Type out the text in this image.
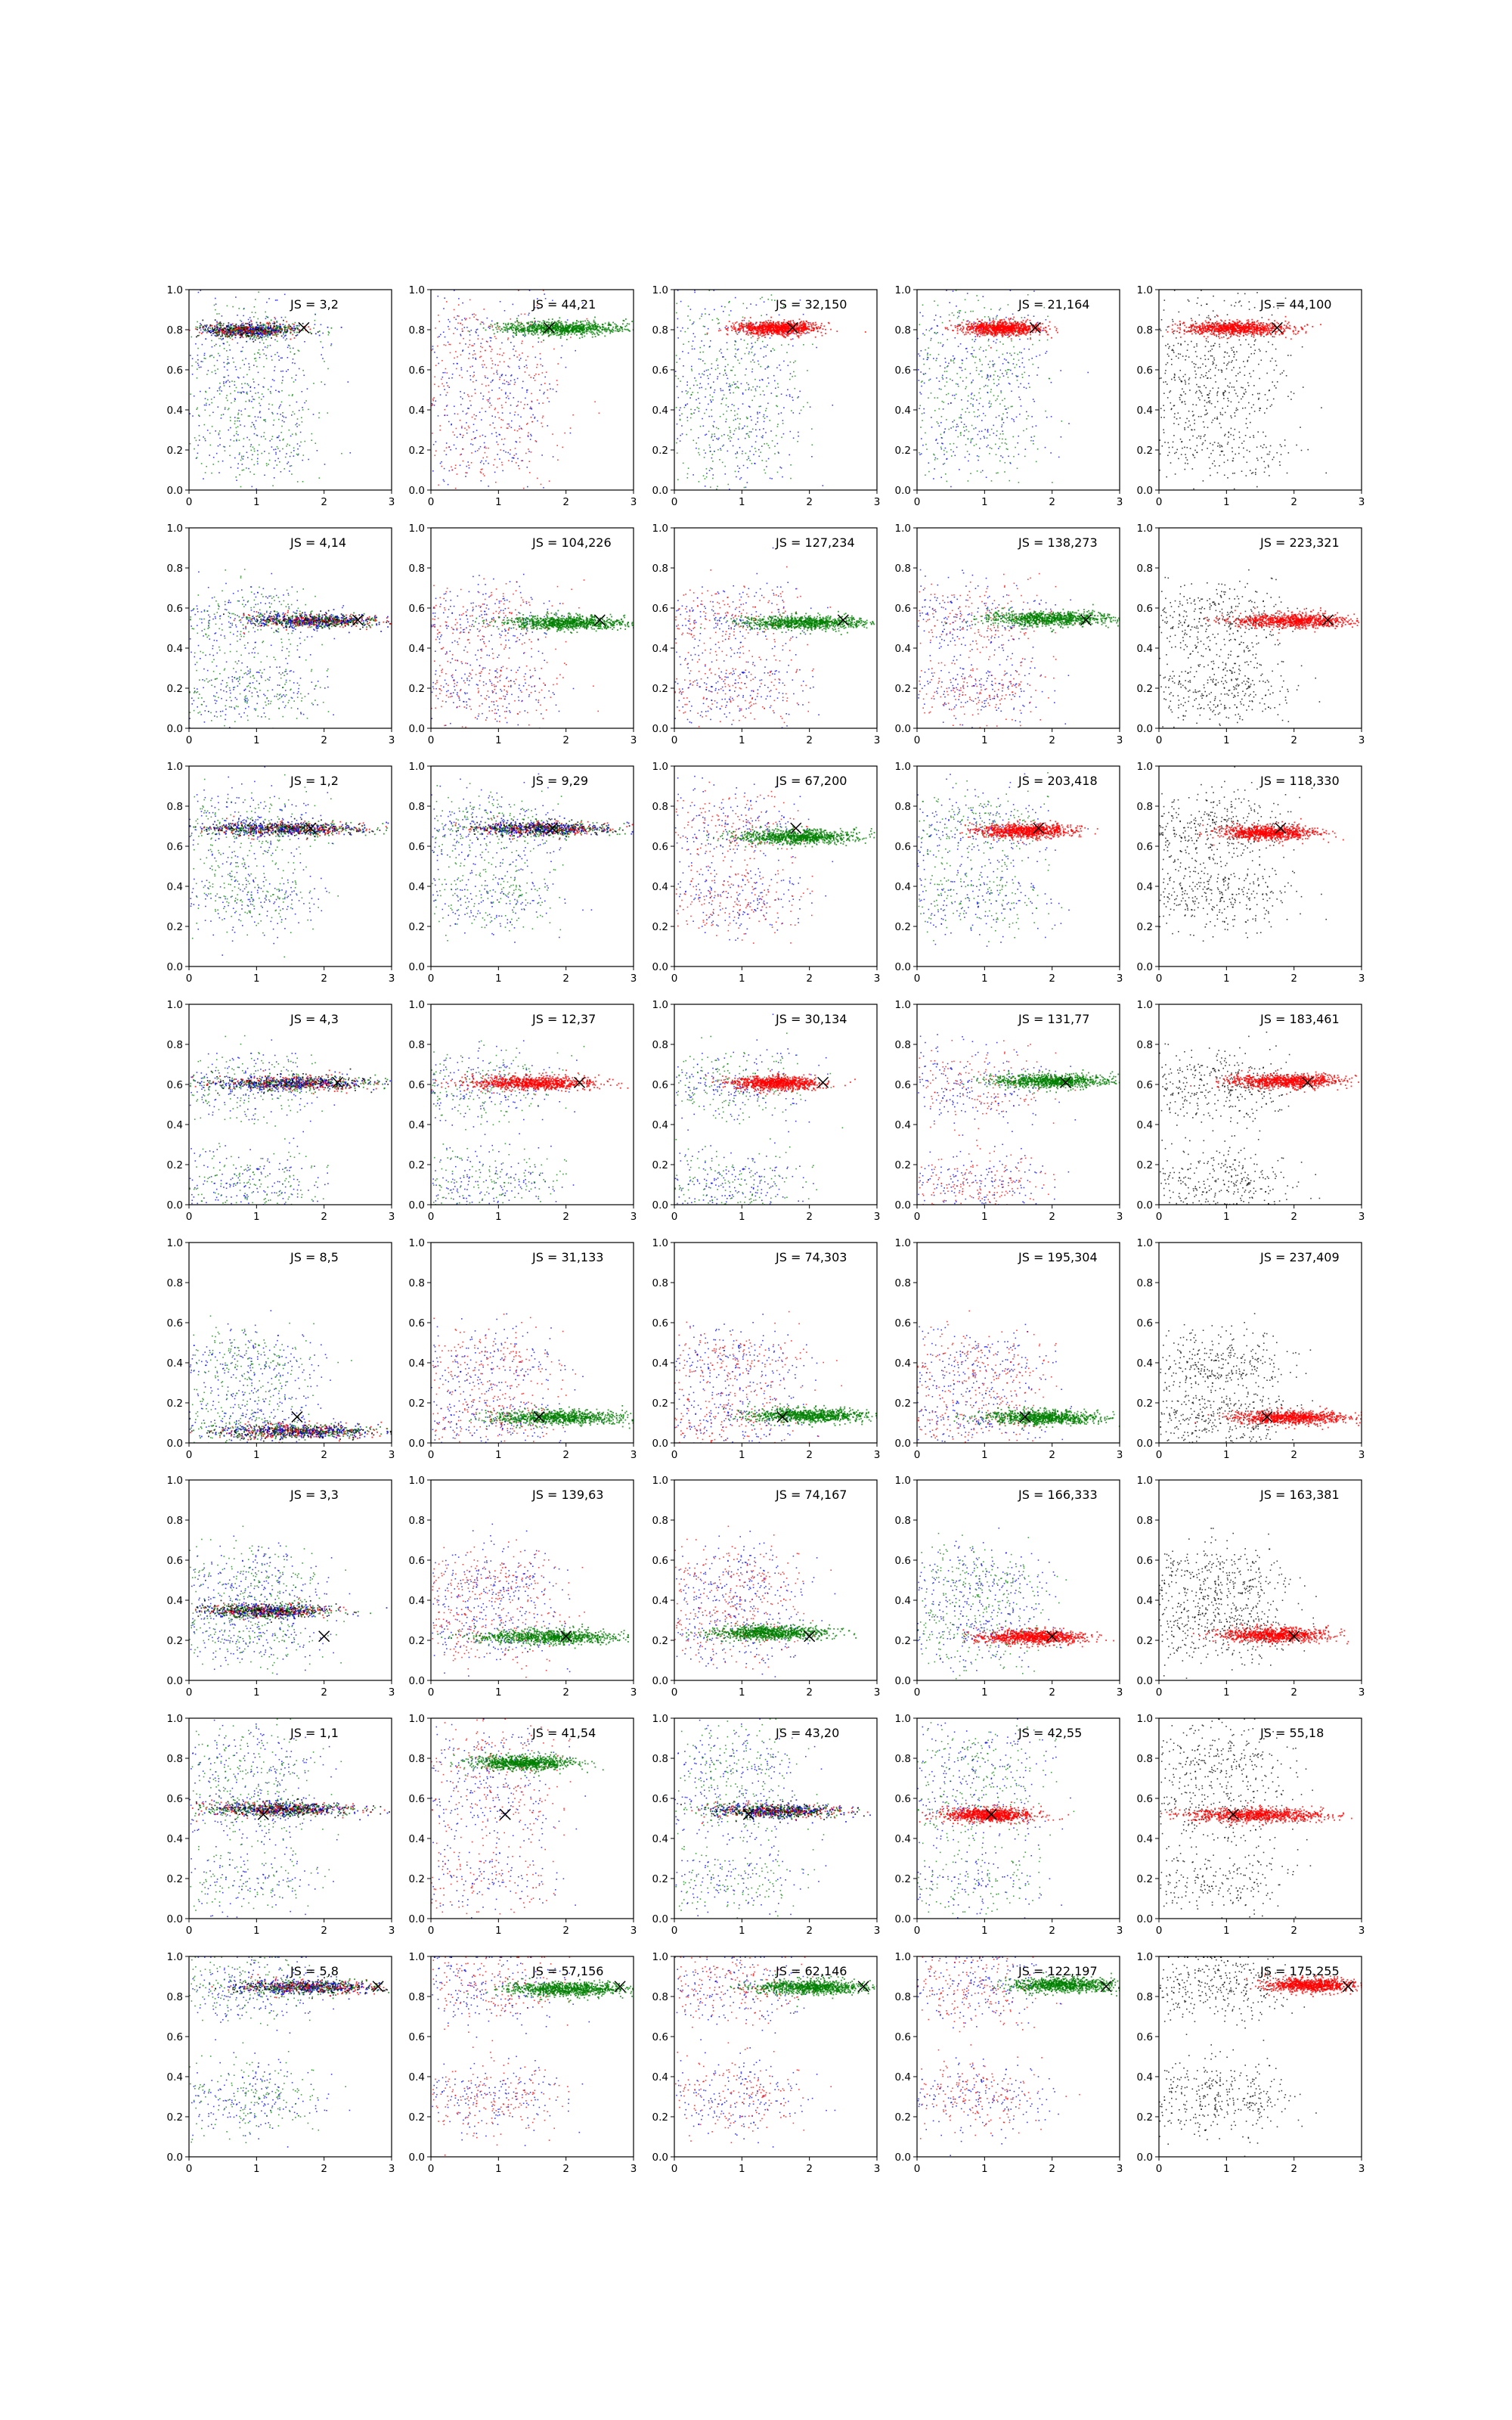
0	1	2	3
0.0
0.2
0.4
0.6
0.8
1.0
JS = 3,2
0	1	2	3
0.0
0.2
0.4
0.6
0.8
1.0
JS = 44,21
0	1	2	3
0.0
0.2
0.4
0.6
0.8
1.0
JS = 32,150
0	1	2	3
0.0
0.2
0.4
0.6
0.8
1.0
JS = 21,164
0	1	2	3
0.0
0.2
0.4
0.6
0.8
1.0
JS = 44,100
0	1	2	3
0.0
0.2
0.4
0.6
0.8
1.0
JS = 4,14
0	1	2	3
0.0
0.2
0.4
0.6
0.8
1.0
JS = 104,226
0	1	2	3
0.0
0.2
0.4
0.6
0.8
1.0
JS = 127,234
0	1	2	3
0.0
0.2
0.4
0.6
0.8
1.0
JS = 138,273
0	1	2	3
0.0
0.2
0.4
0.6
0.8
1.0
JS = 223,321
0	1	2	3
0.0
0.2
0.4
0.6
0.8
1.0
JS = 1,2
0	1	2	3
0.0
0.2
0.4
0.6
0.8
1.0
JS = 9,29
0	1	2	3
0.0
0.2
0.4
0.6
0.8
1.0
JS = 67,200
0	1	2	3
0.0
0.2
0.4
0.6
0.8
1.0
JS = 203,418
0	1	2	3
0.0
0.2
0.4
0.6
0.8
1.0
JS = 118,330
0	1	2	3
0.0
0.2
0.4
0.6
0.8
1.0
JS = 4,3
0	1	2	3
0.0
0.2
0.4
0.6
0.8
1.0
JS = 12,37
0	1	2	3
0.0
0.2
0.4
0.6
0.8
1.0
JS = 30,134
0	1	2	3
0.0
0.2
0.4
0.6
0.8
1.0
JS = 131,77
0	1	2	3
0.0
0.2
0.4
0.6
0.8
1.0
JS = 183,461
0	1	2	3
0.0
0.2
0.4
0.6
0.8
1.0
JS = 8,5
0	1	2	3
0.0
0.2
0.4
0.6
0.8
1.0
JS = 31,133
0	1	2	3
0.0
0.2
0.4
0.6
0.8
1.0
JS = 74,303
0	1	2	3
0.0
0.2
0.4
0.6
0.8
1.0
JS = 195,304
0	1	2	3
0.0
0.2
0.4
0.6
0.8
1.0
JS = 237,409
0	1	2	3
0.0
0.2
0.4
0.6
0.8
1.0
JS = 3,3
0	1	2	3
0.0
0.2
0.4
0.6
0.8
1.0
JS = 139,63
0	1	2	3
0.0
0.2
0.4
0.6
0.8
1.0
JS = 74,167
0	1	2	3
0.0
0.2
0.4
0.6
0.8
1.0
JS = 166,333
0	1	2	3
0.0
0.2
0.4
0.6
0.8
1.0
JS = 163,381
0	1	2	3
0.0
0.2
0.4
0.6
0.8
1.0
JS = 1,1
0	1	2	3
0.0
0.2
0.4
0.6
0.8
1.0
JS = 41,54
0	1	2	3
0.0
0.2
0.4
0.6
0.8
1.0
JS = 43,20
0	1	2	3
0.0
0.2
0.4
0.6
0.8
1.0
JS = 42,55
0	1	2	3
0.0
0.2
0.4
0.6
0.8
1.0
JS = 55,18
0	1	2	3
0.0
0.2
0.4
0.6
0.8
1.0
JS = 5,8
0	1	2	3
0.0
0.2
0.4
0.6
0.8
1.0
JS = 57,156
0	1	2	3
0.0
0.2
0.4
0.6
0.8
1.0
JS = 62,146
0	1	2	3
0.0
0.2
0.4
0.6
0.8
1.0
JS = 122,197
0	1	2	3
0.0
0.2
0.4
0.6
0.8
1.0
JS = 175,255
